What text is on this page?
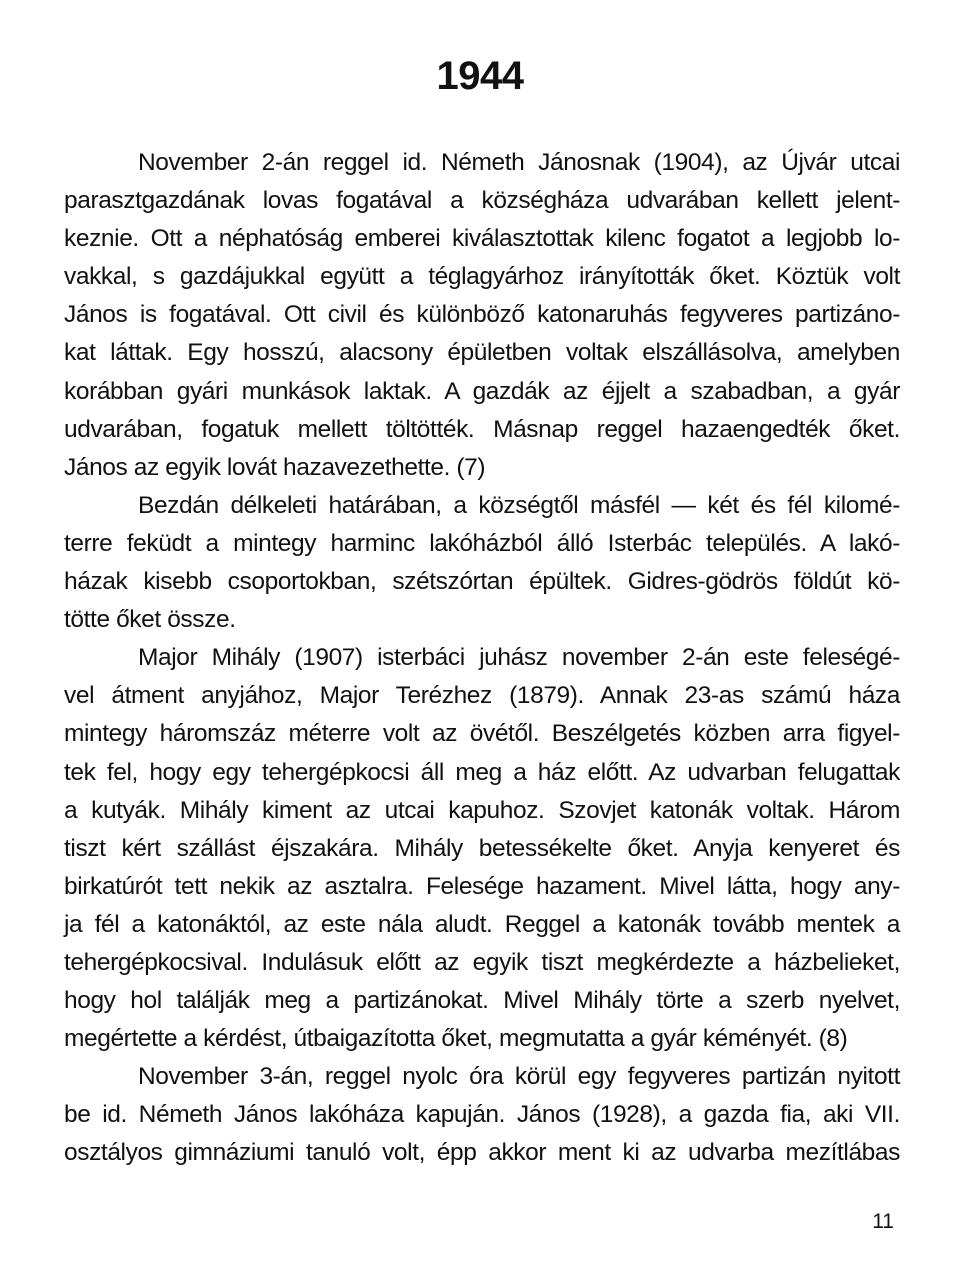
1944
November 2-án reggel id. Németh Jánosnak (1904), az Újvár utcai
parasztgazdának lovas fogatával a községháza udvarában kellett jelent-
keznie. Ott a néphatóság emberei kiválasztottak kilenc fogatot a legjobb lo-
vakkal, s gazdájukkal együtt a téglagyárhoz irányították őket. Köztük volt
János is fogatával. Ott civil és különböző katonaruhás fegyveres partizáno-
kat láttak. Egy hosszú, alacsony épületben voltak elszállásolva, amelyben
korábban gyári munkások laktak. A gazdák az éjjelt a szabadban, a gyár
udvarában, fogatuk mellett töltötték. Másnap reggel hazaengedték őket.
János az egyik lovát hazavezethette. (7)
Bezdán délkeleti határában, a községtől másfél — két és fél kilomé-
terre feküdt a mintegy harminc lakóházból álló Isterbác település. A lakó-
házak kisebb csoportokban, szétszórtan épültek. Gidres-gödrös földút kö-
tötte őket össze.
Major Mihály (1907) isterbáci juhász november 2-án este feleségé-
vel átment anyjához, Major Terézhez (1879). Annak 23-as számú háza
mintegy háromszáz méterre volt az övétől. Beszélgetés közben arra figyel-
tek fel, hogy egy tehergépkocsi áll meg a ház előtt. Az udvarban felugattak
a kutyák. Mihály kiment az utcai kapuhoz. Szovjet katonák voltak. Három
tiszt kért szállást éjszakára. Mihály betessékelte őket. Anyja kenyeret és
birkatúrót tett nekik az asztalra. Felesége hazament. Mivel látta, hogy any-
ja fél a katonáktól, az este nála aludt. Reggel a katonák tovább mentek a
tehergépkocsival. Indulásuk előtt az egyik tiszt megkérdezte a házbelieket,
hogy hol találják meg a partizánokat. Mivel Mihály törte a szerb nyelvet,
megértette a kérdést, útbaigazította őket, megmutatta a gyár kéményét. (8)
November 3-án, reggel nyolc óra körül egy fegyveres partizán nyitott
be id. Németh János lakóháza kapuján. János (1928), a gazda fia, aki VII.
osztályos gimnáziumi tanuló volt, épp akkor ment ki az udvarba mezítlábas
11
